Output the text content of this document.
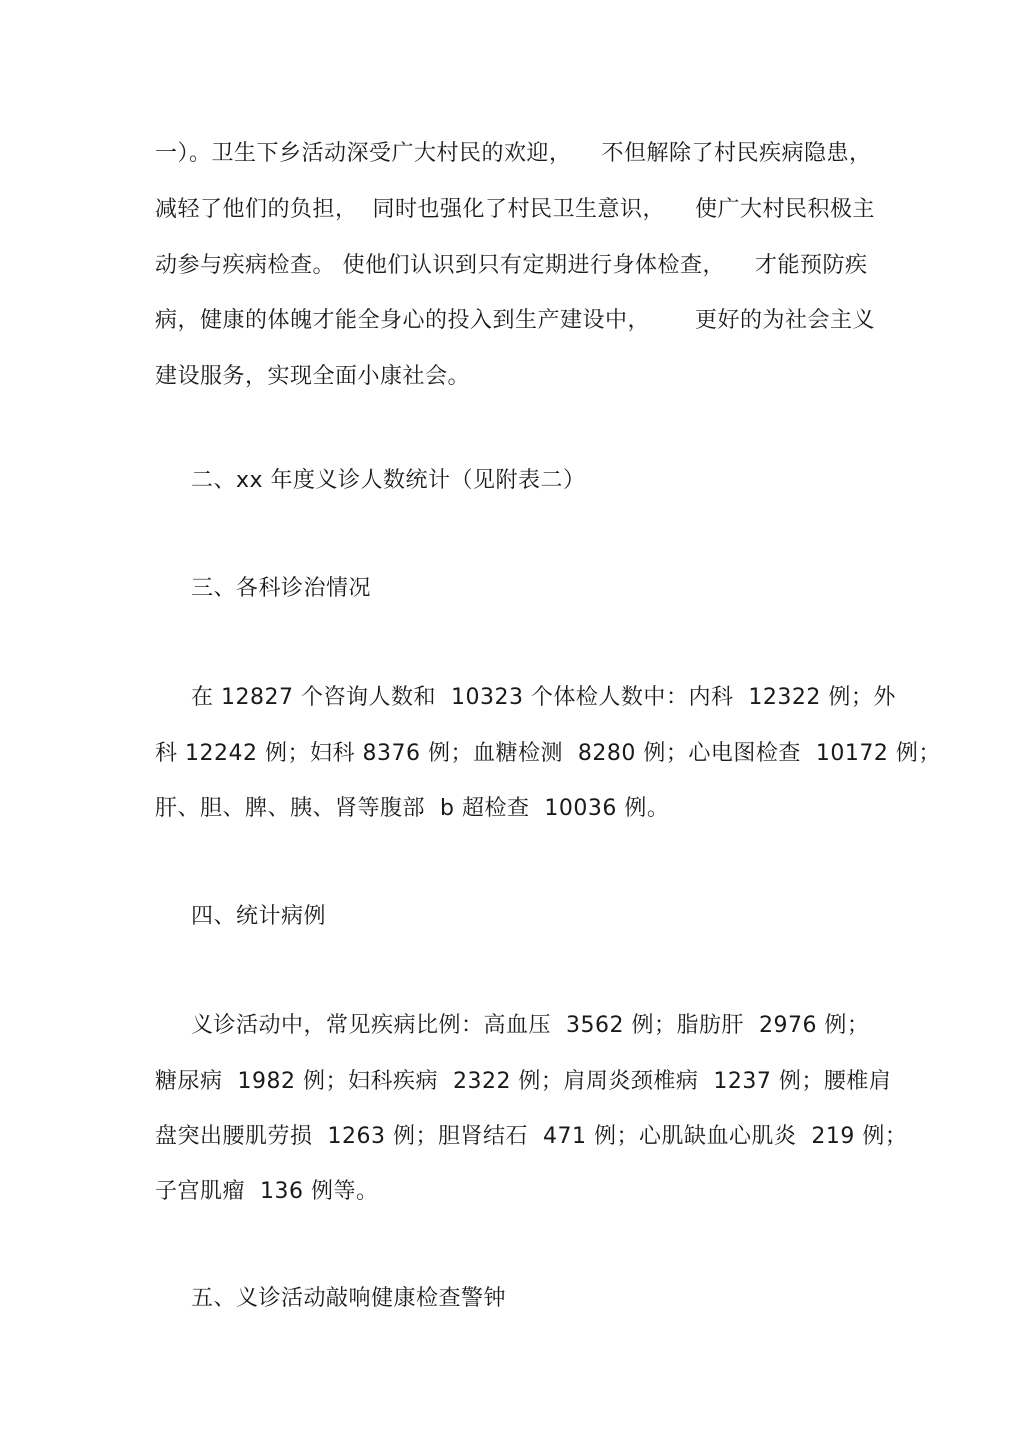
一）。卫生下乡活动深受广大村民的欢迎，    不但解除了村民疾病隐患，
减轻了他们的负担，  同时也强化了村民卫生意识，    使广大村民积极主
动参与疾病检查。 使他们认识到只有定期进行身体检查，    才能预防疾
病，健康的体魄才能全身心的投入到生产建设中，      更好的为社会主义
建设服务，实现全面小康社会。
二、xx 年度义诊人数统计（见附表二）
三、各科诊治情况
在 12827 个咨询人数和  10323 个体检人数中：内科  12322 例；外
科 12242 例；妇科 8376 例；血糖检测  8280 例；心电图检查  10172 例；
肝、胆、脾、胰、肾等腹部  b 超检查  10036 例。
四、统计病例
义诊活动中，常见疾病比例：高血压  3562 例；脂肪肝  2976 例；
糖尿病  1982 例；妇科疾病  2322 例；肩周炎颈椎病  1237 例；腰椎肩
盘突出腰肌劳损  1263 例；胆肾结石  471 例；心肌缺血心肌炎  219 例；
子宫肌瘤  136 例等。
五、义诊活动敲响健康检查警钟
